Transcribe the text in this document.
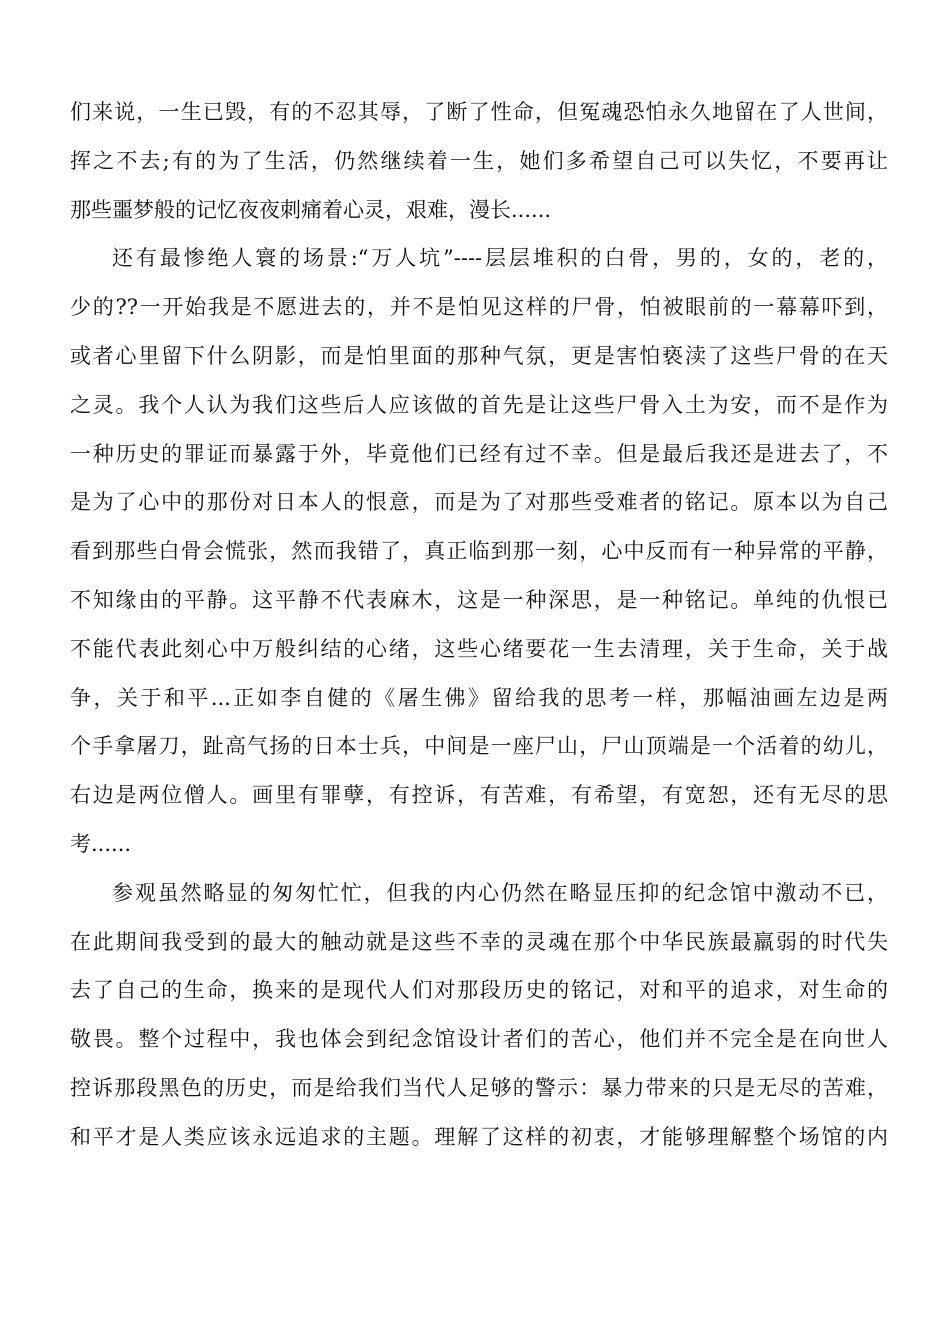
们来说，一生已毁，有的不忍其辱，了断了性命，但冤魂恐怕永久地留在了人世间，
挥之不去;有的为了生活，仍然继续着一生，她们多希望自己可以失忆，不要再让
那些噩梦般的记忆夜夜刺痛着心灵，艰难，漫长......
还有最惨绝人寰的场景:“万人坑”----层层堆积的白骨，男的，女的，老的，
少的??一开始我是不愿进去的，并不是怕见这样的尸骨，怕被眼前的一幕幕吓到，
或者心里留下什么阴影，而是怕里面的那种气氛，更是害怕亵渎了这些尸骨的在天
之灵。我个人认为我们这些后人应该做的首先是让这些尸骨入土为安，而不是作为
一种历史的罪证而暴露于外，毕竟他们已经有过不幸。但是最后我还是进去了，不
是为了心中的那份对日本人的恨意，而是为了对那些受难者的铭记。原本以为自己
看到那些白骨会慌张，然而我错了，真正临到那一刻，心中反而有一种异常的平静，
不知缘由的平静。这平静不代表麻木，这是一种深思，是一种铭记。单纯的仇恨已
不能代表此刻心中万般纠结的心绪，这些心绪要花一生去清理，关于生命，关于战
争，关于和平...正如李自健的《屠生佛》留给我的思考一样，那幅油画左边是两
个手拿屠刀，趾高气扬的日本士兵，中间是一座尸山，尸山顶端是一个活着的幼儿，
右边是两位僧人。画里有罪孽，有控诉，有苦难，有希望，有宽恕，还有无尽的思
考......
参观虽然略显的匆匆忙忙，但我的内心仍然在略显压抑的纪念馆中激动不已，
在此期间我受到的最大的触动就是这些不幸的灵魂在那个中华民族最羸弱的时代失
去了自己的生命，换来的是现代人们对那段历史的铭记，对和平的追求，对生命的
敬畏。整个过程中，我也体会到纪念馆设计者们的苦心，他们并不完全是在向世人
控诉那段黑色的历史，而是给我们当代人足够的警示：暴力带来的只是无尽的苦难，
和平才是人类应该永远追求的主题。理解了这样的初衷，才能够理解整个场馆的内
